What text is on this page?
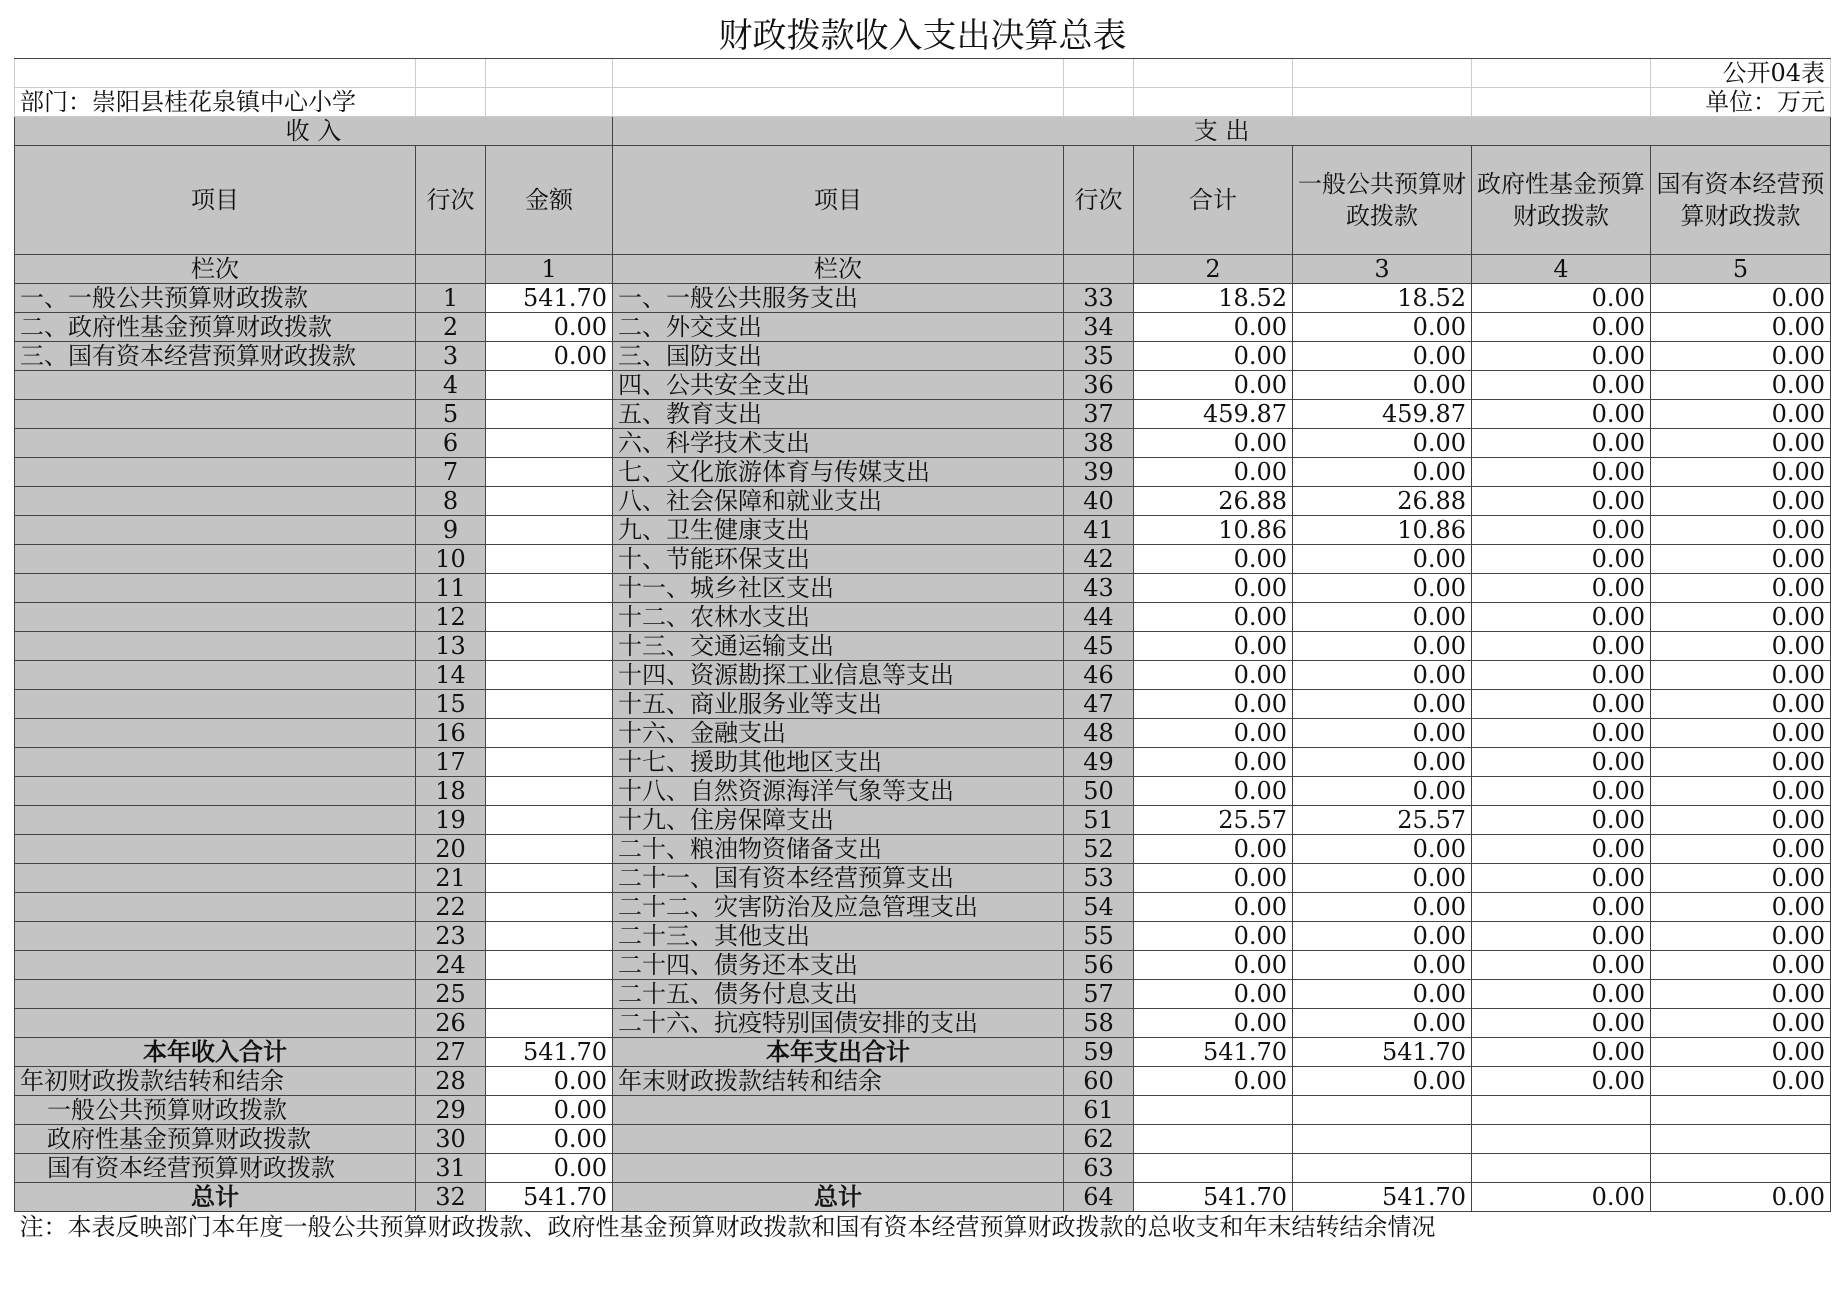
财政拨款收入支出决算总表								
								公开04表
部门：崇阳县桂花泉镇中心小学								单位：万元
收 入			支 出					
项目	行次	金额	项目	行次	合计	一般公共预算财政拨款	政府性基金预算财政拨款	国有资本经营预算财政拨款
栏次		1	栏次		2	3	4	5
一、一般公共预算财政拨款	1	541.70	一、一般公共服务支出	33	18.52	18.52	0.00	0.00
二、政府性基金预算财政拨款	2	0.00	二、外交支出	34	0.00	0.00	0.00	0.00
三、国有资本经营预算财政拨款	3	0.00	三、国防支出	35	0.00	0.00	0.00	0.00
	4		四、公共安全支出	36	0.00	0.00	0.00	0.00
	5		五、教育支出	37	459.87	459.87	0.00	0.00
	6		六、科学技术支出	38	0.00	0.00	0.00	0.00
	7		七、文化旅游体育与传媒支出	39	0.00	0.00	0.00	0.00
	8		八、社会保障和就业支出	40	26.88	26.88	0.00	0.00
	9		九、卫生健康支出	41	10.86	10.86	0.00	0.00
	10		十、节能环保支出	42	0.00	0.00	0.00	0.00
	11		十一、城乡社区支出	43	0.00	0.00	0.00	0.00
	12		十二、农林水支出	44	0.00	0.00	0.00	0.00
	13		十三、交通运输支出	45	0.00	0.00	0.00	0.00
	14		十四、资源勘探工业信息等支出	46	0.00	0.00	0.00	0.00
	15		十五、商业服务业等支出	47	0.00	0.00	0.00	0.00
	16		十六、金融支出	48	0.00	0.00	0.00	0.00
	17		十七、援助其他地区支出	49	0.00	0.00	0.00	0.00
	18		十八、自然资源海洋气象等支出	50	0.00	0.00	0.00	0.00
	19		十九、住房保障支出	51	25.57	25.57	0.00	0.00
	20		二十、粮油物资储备支出	52	0.00	0.00	0.00	0.00
	21		二十一、国有资本经营预算支出	53	0.00	0.00	0.00	0.00
	22		二十二、灾害防治及应急管理支出	54	0.00	0.00	0.00	0.00
	23		二十三、其他支出	55	0.00	0.00	0.00	0.00
	24		二十四、债务还本支出	56	0.00	0.00	0.00	0.00
	25		二十五、债务付息支出	57	0.00	0.00	0.00	0.00
	26		二十六、抗疫特别国债安排的支出	58	0.00	0.00	0.00	0.00
本年收入合计	27	541.70	本年支出合计	59	541.70	541.70	0.00	0.00
年初财政拨款结转和结余	28	0.00	年末财政拨款结转和结余	60	0.00	0.00	0.00	0.00
一般公共预算财政拨款	29	0.00		61				
政府性基金预算财政拨款	30	0.00		62				
国有资本经营预算财政拨款	31	0.00		63				
总计	32	541.70	总计	64	541.70	541.70	0.00	0.00
注：本表反映部门本年度一般公共预算财政拨款、政府性基金预算财政拨款和国有资本经营预算财政拨款的总收支和年末结转结余情况								
